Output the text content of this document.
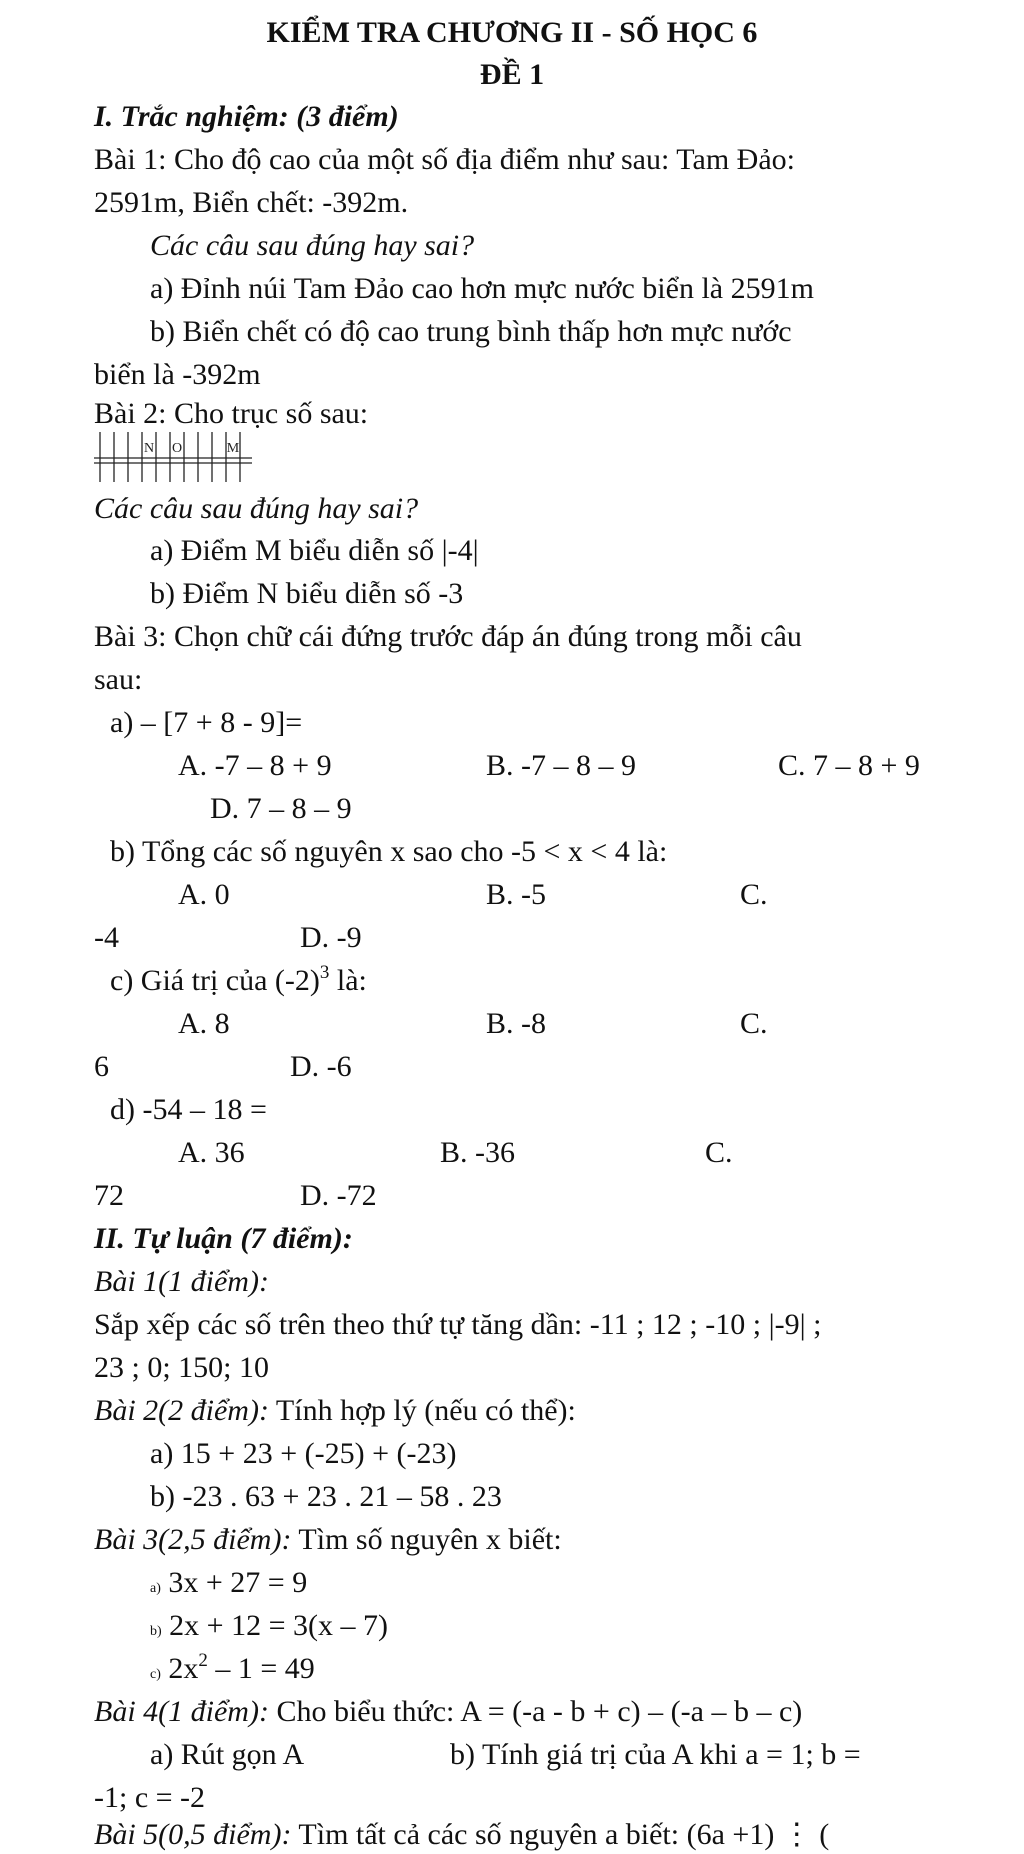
KIỂM TRA CHƯƠNG II - SỐ HỌC 6
ĐỀ 1
I. Trắc nghiệm: (3 điểm)
Bài 1: Cho độ cao của một số địa điểm như sau: Tam Đảo:
2591m, Biển chết: -392m.
Các câu sau đúng hay sai?
a) Đỉnh núi Tam Đảo cao hơn mực nước biển là 2591m
b) Biển chết có độ cao trung bình thấp hơn mực nước
biển là -392m
Bài 2: Cho trục số sau:
N O	M
Các câu sau đúng hay sai?
a) Điểm M biểu diễn số |-4|
b) Điểm N biểu diễn số -3
Bài 3: Chọn chữ cái đứng trước đáp án đúng trong mỗi câu
sau:
a) – [7 + 8 - 9]=
A. -7 – 8 + 9	B. -7 – 8 – 9	C. 7 – 8 + 9
D. 7 – 8 – 9
b) Tổng các số nguyên x sao cho -5 < x < 4 là:
A. 0	B. -5	C.
-4	D. -9
c) Giá trị của $(-2)^3$ là:
A. 8	B. -8	C.
6	D. -6
d) -54 – 18 =
A. 36	B. -36	C.
72	D. -72
II. Tự luận (7 điểm):
Bài 1(1 điểm):
Sắp xếp các số trên theo thứ tự tăng dần: -11 ; 12 ; -10 ; |-9| ;
23 ; 0; 150; 10
Bài 2(2 điểm): Tính hợp lý (nếu có thể):
a) 15 + 23 + (-25) + (-23)
b) -23 . 63 + 23 . 21 – 58 . 23
Bài 3(2,5 điểm): Tìm số nguyên x biết:
a) 3x + 27 = 9
b) 2x + 12 = 3(x – 7)
c) $2x^2 - 1 = 49$
Bài 4(1 điểm): Cho biểu thức: A = (-a - b + c) – (-a – b – c)
a) Rút gọn A	b) Tính giá trị của A khi a = 1; b =
-1; c = -2
Bài 5(0,5 điểm): Tìm tất cả các số nguyên a biết: (6a +1) ⋮ (
